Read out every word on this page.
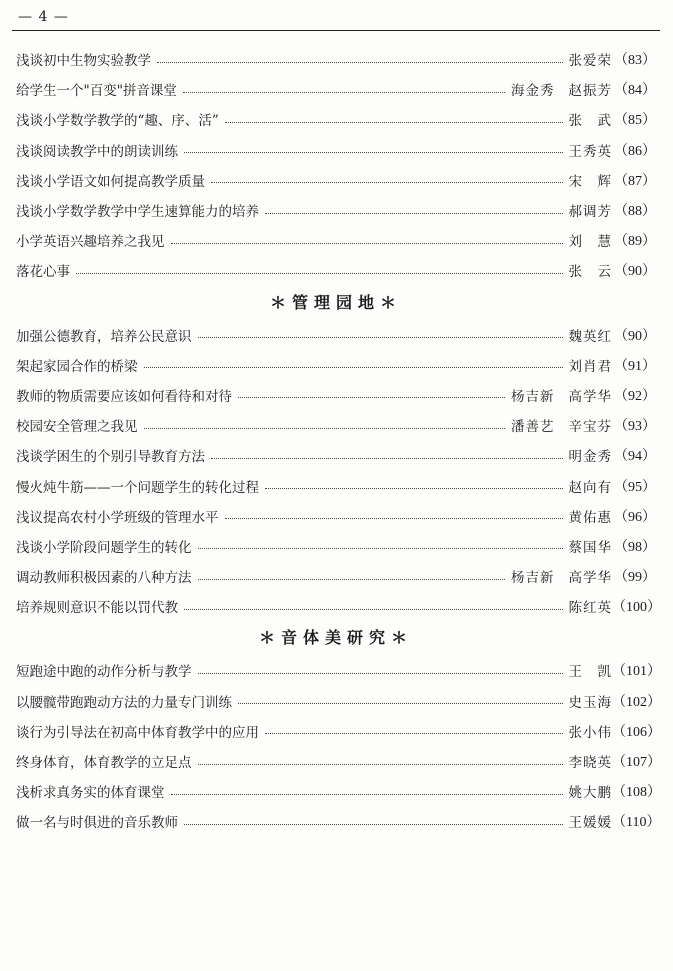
— 4 —
浅谈初中生物实验教学	张爱荣 （83）
给学生一个"百变"拼音课堂	海金秀 赵振芳 （84）
浅谈小学数学教学的“趣、序、活”	张　武 （85）
浅谈阅读教学中的朗读训练	王秀英 （86）
浅谈小学语文如何提高教学质量	宋　辉 （87）
浅谈小学数学教学中学生速算能力的培养	郝调芳 （88）
小学英语兴趣培养之我见	刘　慧 （89）
落花心事	张　云 （90）
＊管理园地＊
加强公德教育，培养公民意识	魏英红 （90）
架起家园合作的桥梁	刘肖君 （91）
教师的物质需要应该如何看待和对待	杨吉新 高学华 （92）
校园安全管理之我见	潘善艺 辛宝芬 （93）
浅谈学困生的个别引导教育方法	明金秀 （94）
慢火炖牛筋——一个问题学生的转化过程	赵向有 （95）
浅议提高农村小学班级的管理水平	黄佑惠 （96）
浅谈小学阶段问题学生的转化	蔡国华 （98）
调动教师积极因素的八种方法	杨吉新 高学华 （99）
培养规则意识不能以罚代教	陈红英 （100）
＊音体美研究＊
短跑途中跑的动作分析与教学	王　凯 （101）
以腰髋带跑跑动方法的力量专门训练	史玉海 （102）
谈行为引导法在初高中体育教学中的应用	张小伟 （106）
终身体育，体育教学的立足点	李晓英 （107）
浅析求真务实的体育课堂	姚大鹏 （108）
做一名与时俱进的音乐教师	王媛媛 （110）
